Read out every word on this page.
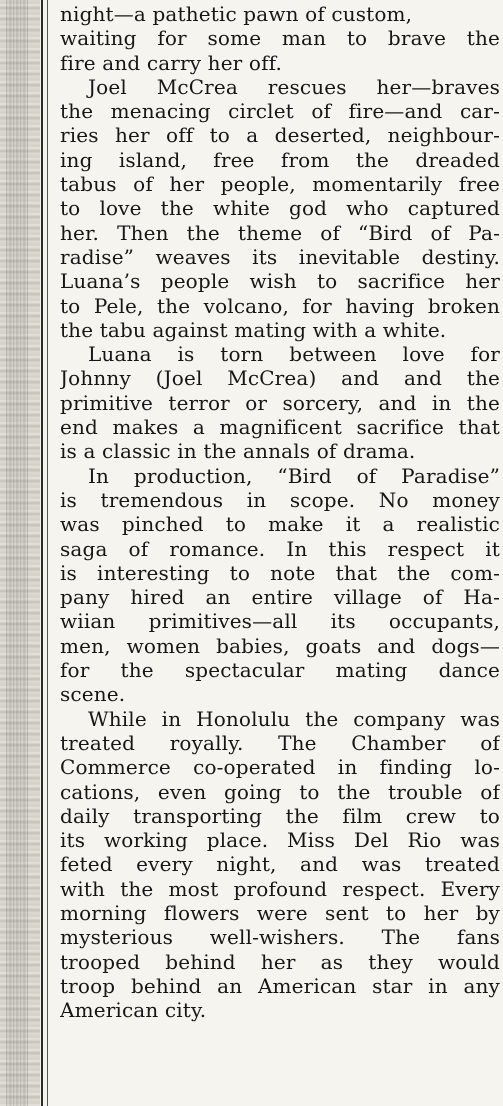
night—a pathetic pawn of custom,
waiting for some man to brave the
fire and carry her off.
Joel McCrea rescues her—braves
the menacing circlet of fire—and car-
ries her off to a deserted, neighbour-
ing island, free from the dreaded
tabus of her people, momentarily free
to love the white god who captured
her. Then the theme of “Bird of Pa-
radise” weaves its inevitable destiny.
Luana’s people wish to sacrifice her
to Pele, the volcano, for having broken
the tabu against mating with a white.
Luana is torn between love for
Johnny (Joel McCrea) and and the
primitive terror or sorcery, and in the
end makes a magnificent sacrifice that
is a classic in the annals of drama.
In production, “Bird of Paradise”
is tremendous in scope. No money
was pinched to make it a realistic
saga of romance. In this respect it
is interesting to note that the com-
pany hired an entire village of Ha-
wiian primitives—all its occupants,
men, women babies, goats and dogs—
for the spectacular mating dance
scene.
While in Honolulu the company was
treated royally. The Chamber of
Commerce co-operated in finding lo-
cations, even going to the trouble of
daily transporting the film crew to
its working place. Miss Del Rio was
feted every night, and was treated
with the most profound respect. Every
morning flowers were sent to her by
mysterious well-wishers. The fans
trooped behind her as they would
troop behind an American star in any
American city.
